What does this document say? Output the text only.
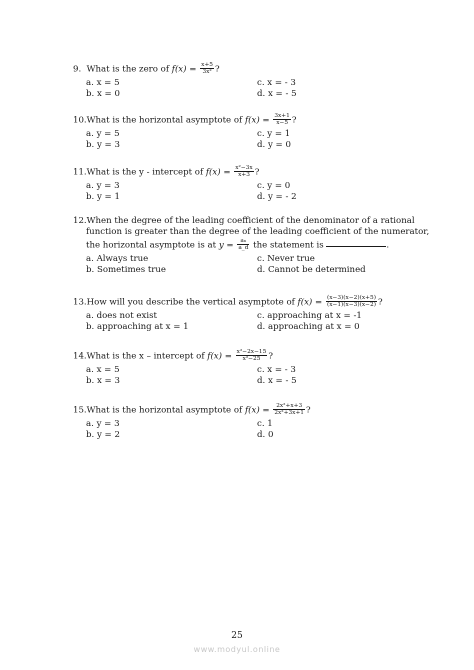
9. What is the zero of $f(x) = \frac{x+5}{\text{3x²}}$ ?
a. x = 5	c. x = - 3
b. x = 0	d. x = - 5
10.What is the horizontal asymptote of $f(x) = \frac{3x+1}{x-5}$ ?
a. y = 5	c. y = 1
b. y = 3	d. y = 0
11.What is the y - intercept of $f(x) = \frac{\text{x²−3x}}{x+3}$ ?
a. y = 3	c. y = 0
b. y = 1	d. y = - 2
12.When the degree of the leading coefficient of the denominator of a rational
function is greater than the degree of the leading coefficient of the numerator,
the horizontal asymptote is at $y = \frac{\text{aₙ}}{a\_d}$ the statement is	.
a. Always true	c. Never true
b. Sometimes true	d. Cannot be determined
13.How will you describe the vertical asymptote of $f(x) = \frac{(x-3)(x-2)(x+5)}{(x-1)(x-3)(x-2)}$ ?
a. does not exist	c. approaching at x = -1
b. approaching at x = 1	d. approaching at x = 0
14.What is the x – intercept of $f(x) = \frac{\text{x²−2x−15}}{\text{x²−25}}$ ?
a. x = 5	c. x = - 3
b. x = 3	d. x = - 5
15.What is the horizontal asymptote of $f(x) = \frac{\text{2x²+x+3}}{\text{2x²+3x+1}}$ ?
a. y = 3	c. 1
b. y = 2	d. 0
25
www.modyul.online
